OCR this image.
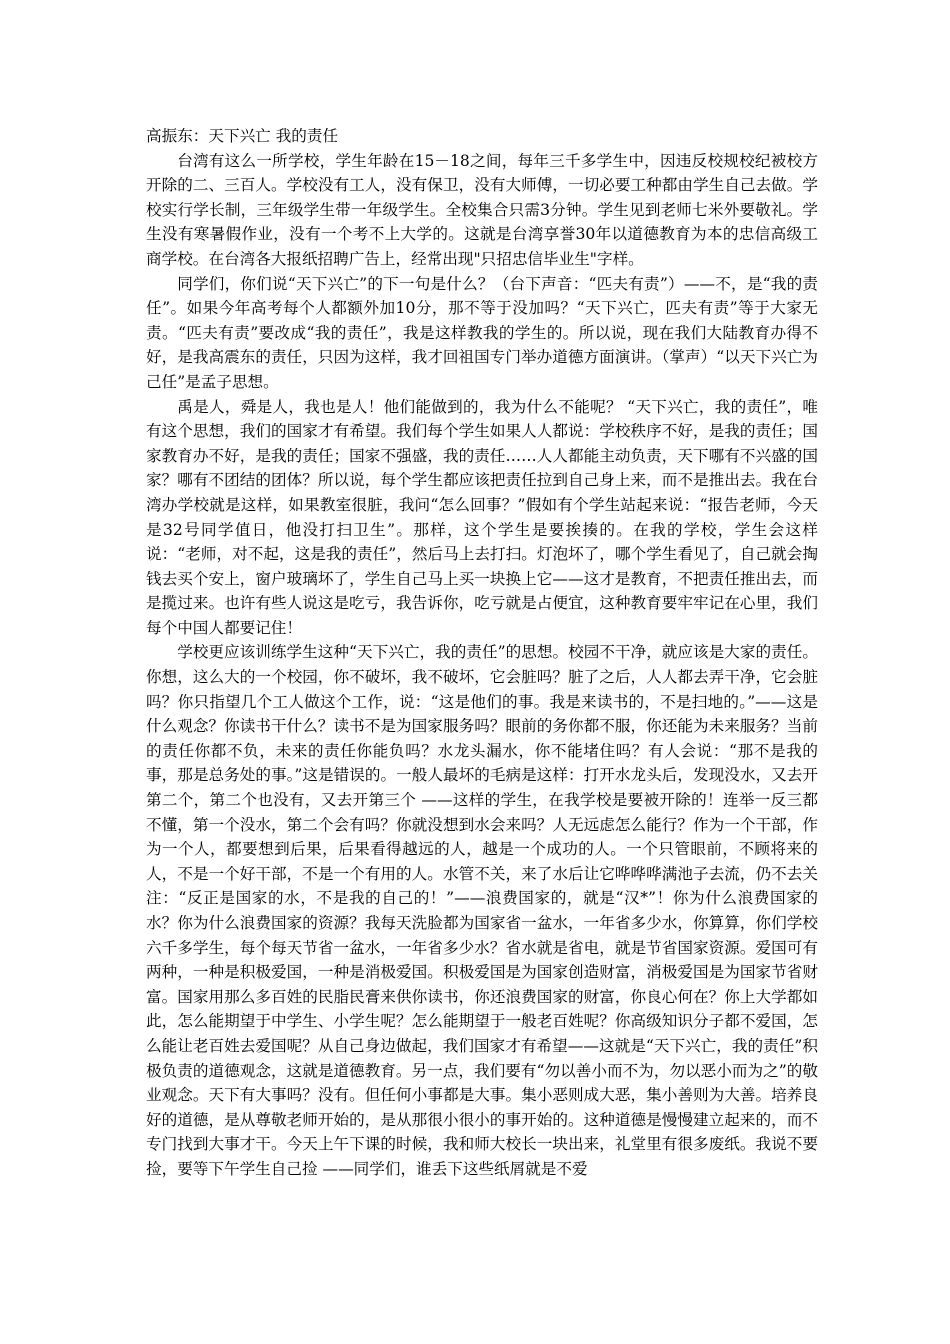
高振东：天下兴亡 我的责任

台湾有这么一所学校，学生年龄在15－18之间，每年三千多学生中，因违反校规校纪被校方开除的二、三百人。学校没有工人，没有保卫，没有大师傅，一切必要工种都由学生自己去做。学校实行学长制，三年级学生带一年级学生。全校集合只需3分钟。学生见到老师七米外要敬礼。学生没有寒暑假作业，没有一个考不上大学的。这就是台湾享誉30年以道德教育为本的忠信高级工商学校。在台湾各大报纸招聘广告上，经常出现"只招忠信毕业生"字样。

同学们，你们说“天下兴亡”的下一句是什么？（台下声音：“匹夫有责”）——不，是“我的责任”。如果今年高考每个人都额外加10分，那不等于没加吗？“天下兴亡，匹夫有责”等于大家无责。“匹夫有责”要改成“我的责任”，我是这样教我的学生的。所以说，现在我们大陆教育办得不好，是我高震东的责任，只因为这样，我才回祖国专门举办道德方面演讲。（掌声）“以天下兴亡为己任”是孟子思想。

禹是人，舜是人，我也是人！他们能做到的，我为什么不能呢？ “天下兴亡，我的责任”，唯有这个思想，我们的国家才有希望。我们每个学生如果人人都说：学校秩序不好，是我的责任；国家教育办不好，是我的责任；国家不强盛，我的责任……人人都能主动负责，天下哪有不兴盛的国家？哪有不团结的团体？所以说，每个学生都应该把责任拉到自己身上来，而不是推出去。我在台湾办学校就是这样，如果教室很脏，我问“怎么回事？”假如有个学生站起来说：“报告老师，今天是32号同学值日，他没打扫卫生”。那样，这个学生是要挨揍的。在我的学校，学生会这样说：“老师，对不起，这是我的责任”，然后马上去打扫。灯泡坏了，哪个学生看见了，自己就会掏钱去买个安上，窗户玻璃坏了，学生自己马上买一块换上它——这才是教育，不把责任推出去，而是揽过来。也许有些人说这是吃亏，我告诉你，吃亏就是占便宜，这种教育要牢牢记在心里，我们每个中国人都要记住！

学校更应该训练学生这种“天下兴亡，我的责任”的思想。校园不干净，就应该是大家的责任。你想，这么大的一个校园，你不破坏，我不破坏，它会脏吗？脏了之后，人人都去弄干净，它会脏吗？你只指望几个工人做这个工作，说：“这是他们的事。我是来读书的，不是扫地的。”——这是什么观念？你读书干什么？读书不是为国家服务吗？眼前的务你都不服，你还能为未来服务？当前的责任你都不负，未来的责任你能负吗？水龙头漏水，你不能堵住吗？有人会说：“那不是我的事，那是总务处的事。”这是错误的。一般人最坏的毛病是这样：打开水龙头后，发现没水，又去开第二个，第二个也没有，又去开第三个 ——这样的学生，在我学校是要被开除的！连举一反三都不懂，第一个没水，第二个会有吗？你就没想到水会来吗？人无远虑怎么能行？作为一个干部，作为一个人，都要想到后果，后果看得越远的人，越是一个成功的人。一个只管眼前，不顾将来的人，不是一个好干部，不是一个有用的人。水管不关，来了水后让它哗哗哗满池子去流，仍不去关注：“反正是国家的水，不是我的自己的！”——浪费国家的，就是“汉*”！你为什么浪费国家的水？你为什么浪费国家的资源？我每天洗脸都为国家省一盆水，一年省多少水，你算算，你们学校六千多学生，每个每天节省一盆水，一年省多少水？省水就是省电，就是节省国家资源。爱国可有两种，一种是积极爱国，一种是消极爱国。积极爱国是为国家创造财富，消极爱国是为国家节省财富。国家用那么多百姓的民脂民膏来供你读书，你还浪费国家的财富，你良心何在？你上大学都如此，怎么能期望于中学生、小学生呢？怎么能期望于一般老百姓呢？你高级知识分子都不爱国，怎么能让老百姓去爱国呢？从自己身边做起，我们国家才有希望——这就是“天下兴亡，我的责任”积极负责的道德观念，这就是道德教育。另一点，我们要有“勿以善小而不为，勿以恶小而为之”的敬业观念。天下有大事吗？没有。但任何小事都是大事。集小恶则成大恶，集小善则为大善。培养良好的道德，是从尊敬老师开始的，是从那很小很小的事开始的。这种道德是慢慢建立起来的，而不专门找到大事才干。今天上午下课的时候，我和师大校长一块出来，礼堂里有很多废纸。我说不要捡，要等下午学生自己捡 ——同学们，谁丢下这些纸屑就是不爱
